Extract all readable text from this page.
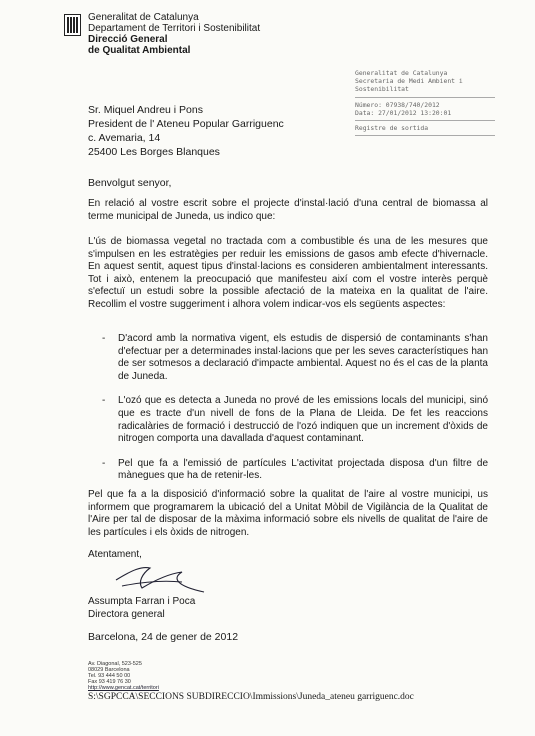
Generalitat de Catalunya
Departament de Territori i Sostenibilitat
Direcció General
de Qualitat Ambiental
Generalitat de Catalunya
Secretaria de Medi Ambient i
Sostenibilitat
Número: 07938/740/2012
Data: 27/01/2012 13:20:01
Registre de sortida
Sr. Miquel Andreu i Pons
President de l' Ateneu Popular Garriguenc
c. Avemaria, 14
25400 Les Borges Blanques
Benvolgut senyor,
En relació al vostre escrit sobre el projecte d'instal·lació d'una central de biomassa al terme municipal de Juneda, us indico que:
L'ús de biomassa vegetal no tractada com a combustible és una de les mesures que s'impulsen en les estratègies per reduir les emissions de gasos amb efecte d'hivernacle. En aquest sentit, aquest tipus d'instal·lacions es consideren ambientalment interessants. Tot i això, entenem la preocupació que manifesteu així com el vostre interès perquè s'efectuï un estudi sobre la possible afectació de la mateixa en la qualitat de l'aire. Recollim el vostre suggeriment i alhora volem indicar-vos els següents aspectes:
- D'acord amb la normativa vigent, els estudis de dispersió de contaminants s'han d'efectuar per a determinades instal·lacions que per les seves característiques han de ser sotmesos a declaració d'impacte ambiental. Aquest no és el cas de la planta de Juneda.
- L'ozó que es detecta a Juneda no prové de les emissions locals del municipi, sinó que es tracte d'un nivell de fons de la Plana de Lleida. De fet les reaccions radicalàries de formació i destrucció de l'ozó indiquen que un increment d'òxids de nitrogen comporta una davallada d'aquest contaminant.
- Pel que fa a l'emissió de partícules L'activitat projectada disposa d'un filtre de mànegues que ha de retenir-les.
Pel que fa a la disposició d'informació sobre la qualitat de l'aire al vostre municipi, us informem que programarem la ubicació del a Unitat Mòbil de Vigilància de la Qualitat de l'Aire per tal de disposar de la màxima informació sobre els nivells de qualitat de l'aire de les partícules i els òxids de nitrogen.
Atentament,
Assumpta Farran i Poca
Directora general
Barcelona, 24 de gener de 2012
Av. Diagonal, 523-525
08029 Barcelona
Tel. 93 444 50 00
Fax 93 419 76 30
http://www.gencat.cat/territori
S:\SGPCCA\SECCIONS SUBDIRECCIO\Immissions\Juneda_ateneu garriguenc.doc
